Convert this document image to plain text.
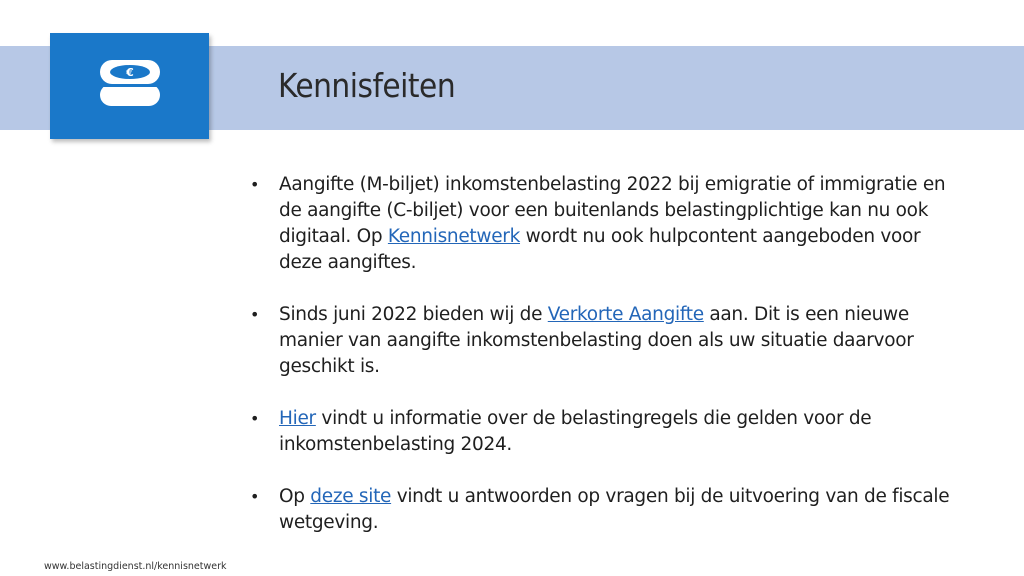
€	Kennisfeiten
•	Aangifte (M-biljet) inkomstenbelasting 2022 bij emigratie of immigratie en de aangifte (C-biljet) voor een buitenlands belastingplichtige kan nu ook digitaal. Op Kennisnetwerk wordt nu ook hulpcontent aangeboden voor deze aangiftes.
•	Sinds juni 2022 bieden wij de Verkorte Aangifte aan. Dit is een nieuwe manier van aangifte inkomstenbelasting doen als uw situatie daarvoor geschikt is.
•	Hier vindt u informatie over de belastingregels die gelden voor de inkomstenbelasting 2024.
•	Op deze site vindt u antwoorden op vragen bij de uitvoering van de fiscale wetgeving.
www.belastingdienst.nl/kennisnetwerk
